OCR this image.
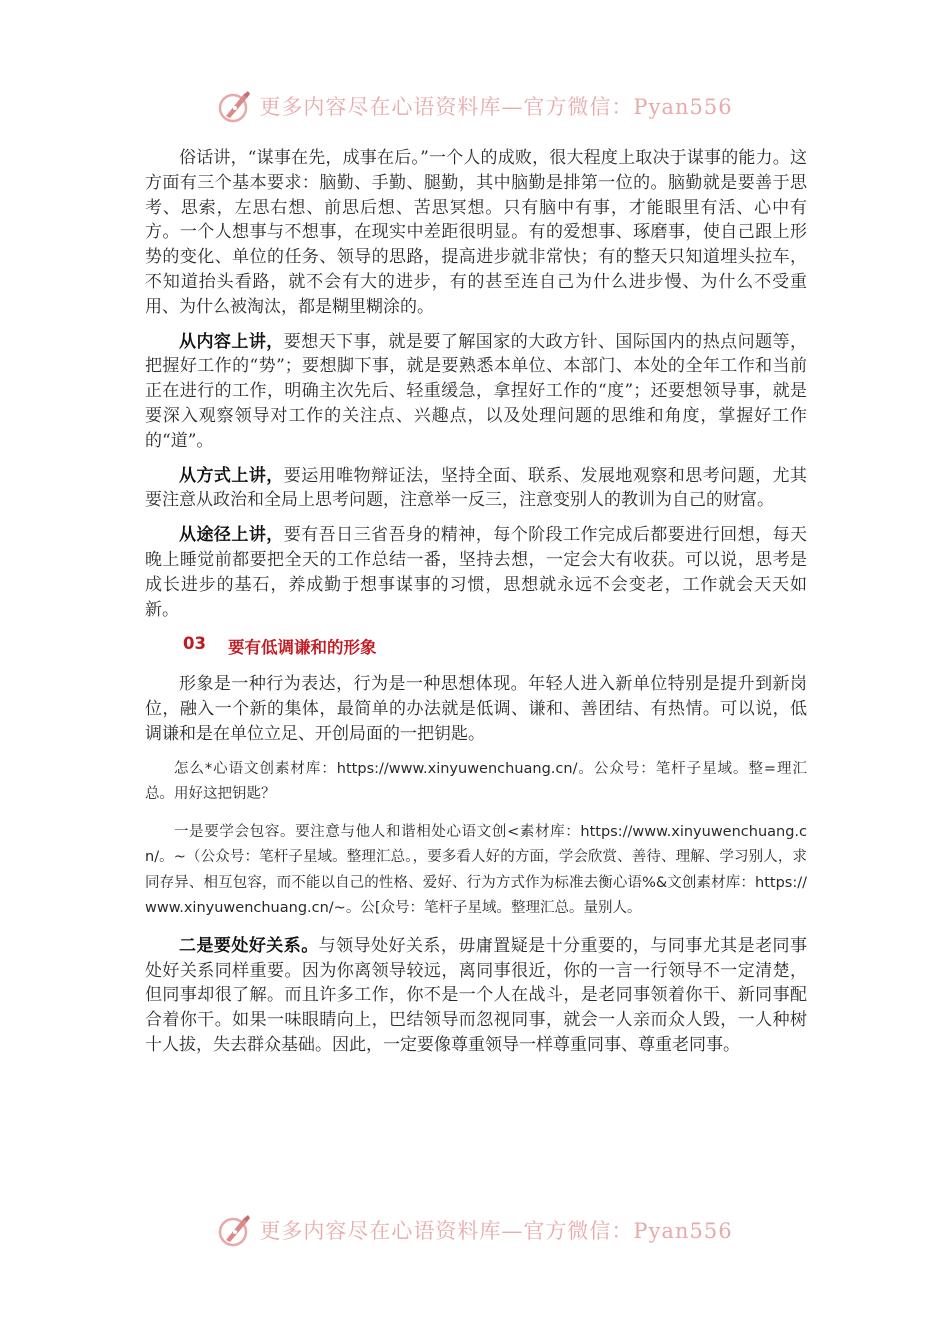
更多内容尽在心语资料库—官方微信：Pyan556

俗话讲，“谋事在先，成事在后。”一个人的成败，很大程度上取决于谋事的能力。这方面有三个基本要求：脑勤、手勤、腿勤，其中脑勤是排第一位的。脑勤就是要善于思考、思索，左思右想、前思后想、苦思冥想。只有脑中有事，才能眼里有活、心中有方。一个人想事与不想事，在现实中差距很明显。有的爱想事、琢磨事，使自己跟上形势的变化、单位的任务、领导的思路，提高进步就非常快；有的整天只知道埋头拉车，不知道抬头看路，就不会有大的进步，有的甚至连自己为什么进步慢、为什么不受重用、为什么被淘汰，都是糊里糊涂的。

从内容上讲，要想天下事，就是要了解国家的大政方针、国际国内的热点问题等，把握好工作的“势”；要想脚下事，就是要熟悉本单位、本部门、本处的全年工作和当前正在进行的工作，明确主次先后、轻重缓急，拿捏好工作的“度”；还要想领导事，就是要深入观察领导对工作的关注点、兴趣点，以及处理问题的思维和角度，掌握好工作的“道”。

从方式上讲，要运用唯物辩证法，坚持全面、联系、发展地观察和思考问题，尤其要注意从政治和全局上思考问题，注意举一反三，注意变别人的教训为自己的财富。

从途径上讲，要有吾日三省吾身的精神，每个阶段工作完成后都要进行回想，每天晚上睡觉前都要把全天的工作总结一番，坚持去想，一定会大有收获。可以说，思考是成长进步的基石，养成勤于想事谋事的习惯，思想就永远不会变老，工作就会天天如新。

03 要有低调谦和的形象

形象是一种行为表达，行为是一种思想体现。年轻人进入新单位特别是提升到新岗位，融入一个新的集体，最简单的办法就是低调、谦和、善团结、有热情。可以说，低调谦和是在单位立足、开创局面的一把钥匙。

怎么*心语文创素材库：https://www.xinyuwenchuang.cn/。公众号：笔杆子星域。整=理汇总。用好这把钥匙？

一是要学会包容。要注意与他人和谐相处心语文创<素材库：https://www.xinyuwenchuang.cn/。~（公众号：笔杆子星域。整理汇总。，要多看人好的方面，学会欣赏、善待、理解、学习别人，求同存异、相互包容，而不能以自己的性格、爱好、行为方式作为标准去衡心语%&文创素材库：https://www.xinyuwenchuang.cn/~。公[众号：笔杆子星域。整理汇总。量别人。

二是要处好关系。与领导处好关系，毋庸置疑是十分重要的，与同事尤其是老同事处好关系同样重要。因为你离领导较远，离同事很近，你的一言一行领导不一定清楚，但同事却很了解。而且许多工作，你不是一个人在战斗，是老同事领着你干、新同事配合着你干。如果一味眼睛向上，巴结领导而忽视同事，就会一人亲而众人毁，一人种树十人拔，失去群众基础。因此，一定要像尊重领导一样尊重同事、尊重老同事。

更多内容尽在心语资料库—官方微信：Pyan556
